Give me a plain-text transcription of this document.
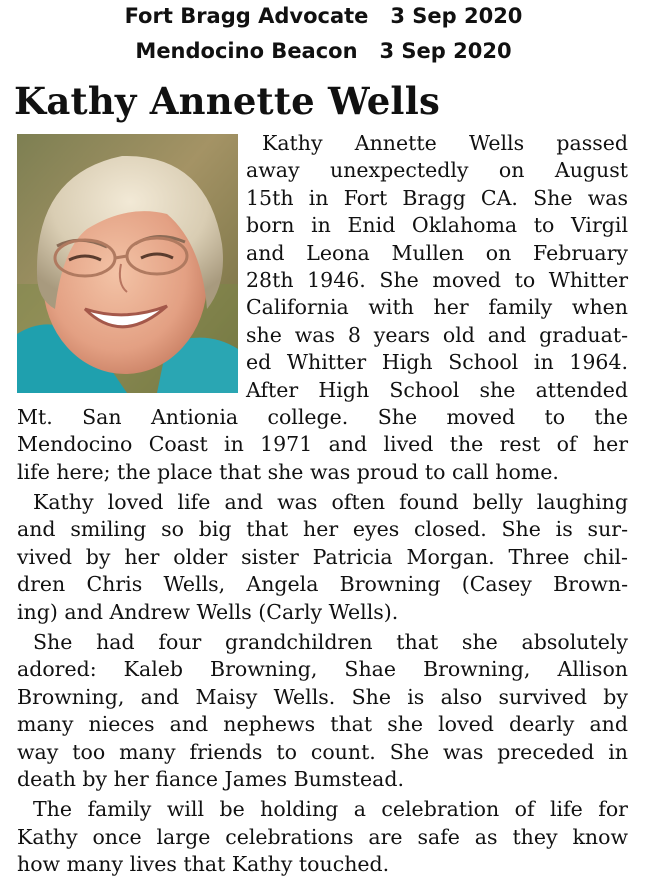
Fort Bragg Advocate   3 Sep 2020
Mendocino Beacon   3 Sep 2020
Kathy Annette Wells
Kathy Annette Wells passed
away unexpectedly on August
15th in Fort Bragg CA. She was
born in Enid Oklahoma to Virgil
and Leona Mullen on February
28th 1946. She moved to Whitter
California with her family when
she was 8 years old and graduat-
ed Whitter High School in 1964.
After High School she attended
Mt. San Antionia college. She moved to the
Mendocino Coast in 1971 and lived the rest of her
life here; the place that she was proud to call home.
Kathy loved life and was often found belly laughing
and smiling so big that her eyes closed. She is sur-
vived by her older sister Patricia Morgan. Three chil-
dren Chris Wells, Angela Browning (Casey Brown-
ing) and Andrew Wells (Carly Wells).
She had four grandchildren that she absolutely
adored: Kaleb Browning, Shae Browning, Allison
Browning, and Maisy Wells. She is also survived by
many nieces and nephews that she loved dearly and
way too many friends to count. She was preceded in
death by her fiance James Bumstead.
The family will be holding a celebration of life for
Kathy once large celebrations are safe as they know
how many lives that Kathy touched.
